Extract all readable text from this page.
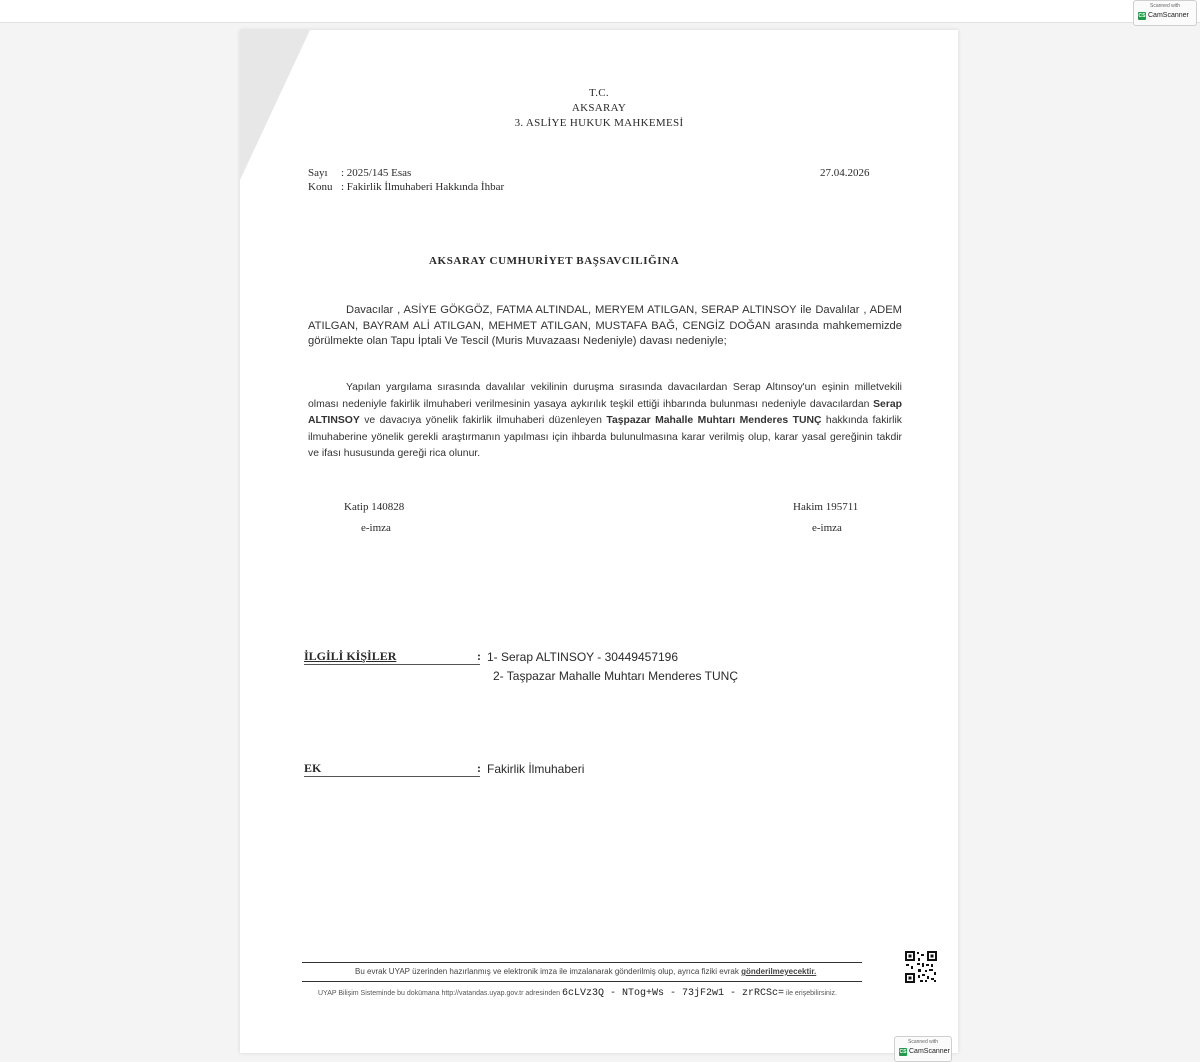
Scanned with
CS CamScanner
T.C.
AKSARAY
3. ASLİYE HUKUK MAHKEMESİ
Sayı : 2025/145 Esas
Konu : Fakirlik İlmuhaberi Hakkında İhbar
27.04.2026
AKSARAY CUMHURİYET BAŞSAVCILIĞINA
Davacılar , ASİYE GÖKGÖZ, FATMA ALTINDAL, MERYEM ATILGAN, SERAP ALTINSOY ile Davalılar , ADEM ATILGAN, BAYRAM ALİ ATILGAN, MEHMET ATILGAN, MUSTAFA BAĞ, CENGİZ DOĞAN arasında mahkememizde görülmekte olan Tapu İptali Ve Tescil (Muris Muvazaası Nedeniyle) davası nedeniyle;
Yapılan yargılama sırasında davalılar vekilinin duruşma sırasında davacılardan Serap Altınsoy'un eşinin milletvekili olması nedeniyle fakirlik ilmuhaberi verilmesinin yasaya aykırılık teşkil ettiği ihbarında bulunması nedeniyle davacılardan Serap ALTINSOY ve davacıya yönelik fakirlik ilmuhaberi düzenleyen Taşpazar Mahalle Muhtarı Menderes TUNÇ hakkında fakirlik ilmuhaberine yönelik gerekli araştırmanın yapılması için ihbarda bulunulmasına karar verilmiş olup, karar yasal gereğinin takdir ve ifası hususunda gereği rica olunur.
Katip 140828
e-imza
Hakim 195711
e-imza
İLGİLİ KİŞİLER	: 1- Serap ALTINSOY - 30449457196
2- Taşpazar Mahalle Muhtarı Menderes TUNÇ
EK	: Fakirlik İlmuhaberi
Bu evrak UYAP üzerinden hazırlanmış ve elektronik imza ile imzalanarak gönderilmiş olup, ayrıca fiziki evrak gönderilmeyecektir.
UYAP Bilişim Sisteminde bu dokümana http://vatandas.uyap.gov.tr adresinden 6cLVz3Q - NTog+Ws - 73jF2w1 - zrRCSc= ile erişebilirsiniz.
Scanned with
CS CamScanner
